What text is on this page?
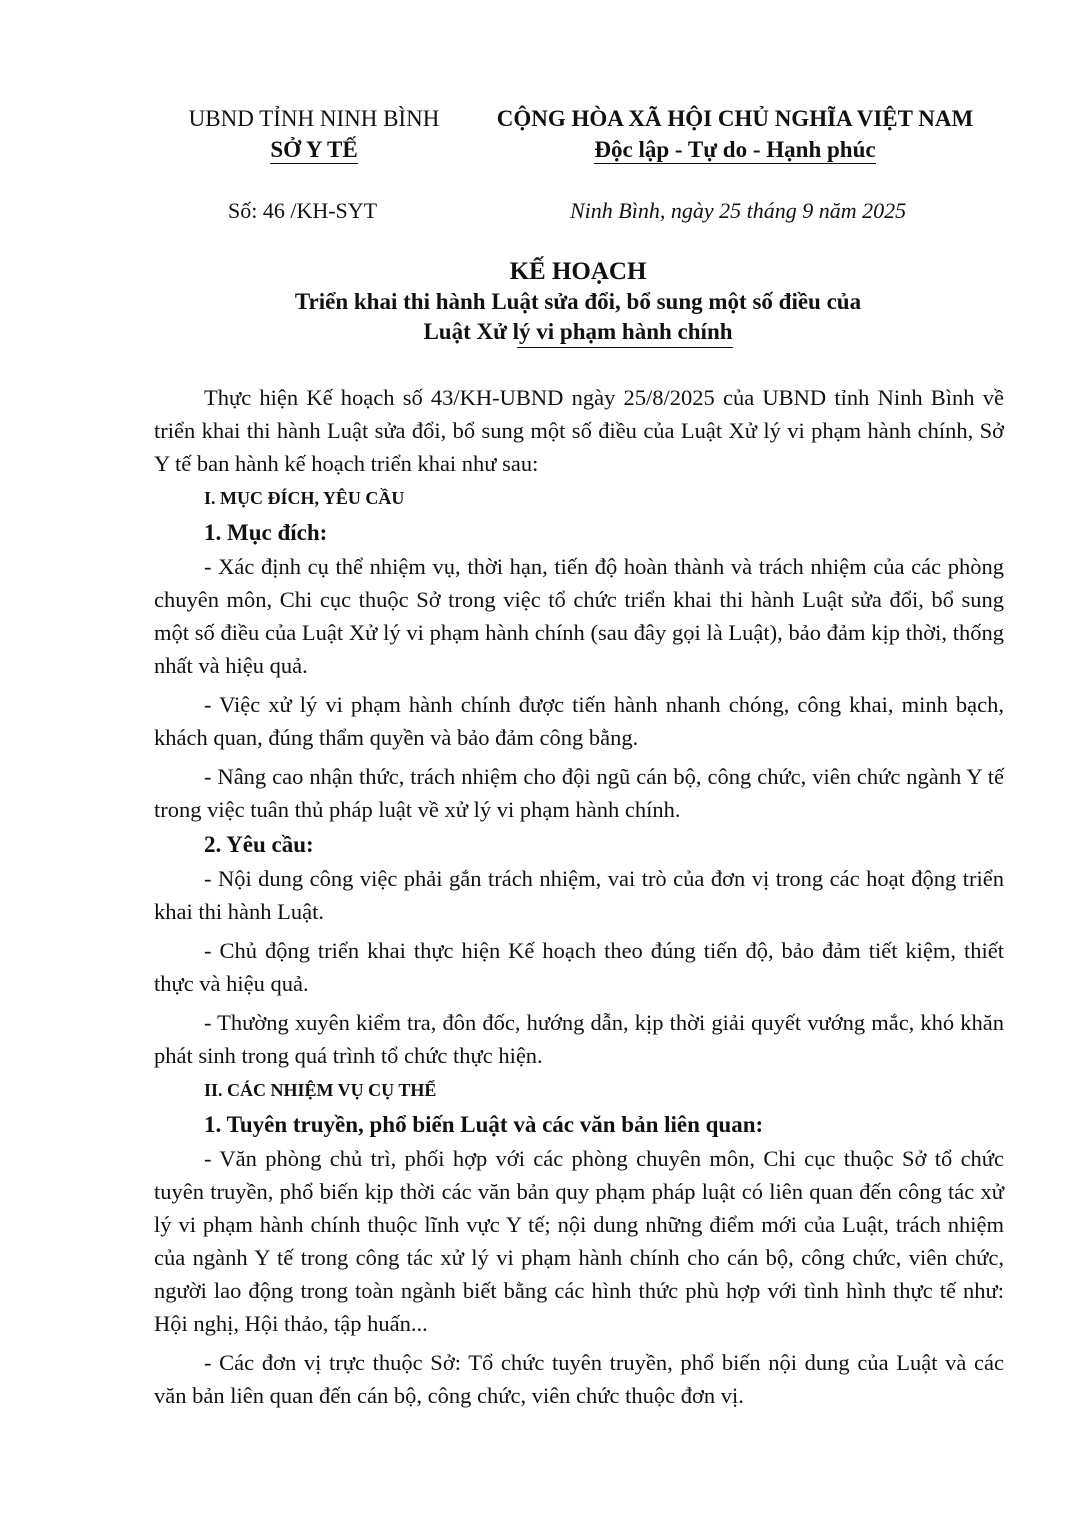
UBND TỈNH NINH BÌNH
SỞ Y TẾ
CỘNG HÒA XÃ HỘI CHỦ NGHĨA VIỆT NAM
Độc lập - Tự do - Hạnh phúc
Số: 46 /KH-SYT	Ninh Bình, ngày 25 tháng 9 năm 2025
KẾ HOẠCH
Triển khai thi hành Luật sửa đổi, bổ sung một số điều của
Luật Xử lý vi phạm hành chính

Thực hiện Kế hoạch số 43/KH-UBND ngày 25/8/2025 của UBND tỉnh Ninh Bình về triển khai thi hành Luật sửa đổi, bổ sung một số điều của Luật Xử lý vi phạm hành chính, Sở Y tế ban hành kế hoạch triển khai như sau:

I. MỤC ĐÍCH, YÊU CẦU
1. Mục đích:

- Xác định cụ thể nhiệm vụ, thời hạn, tiến độ hoàn thành và trách nhiệm của các phòng chuyên môn, Chi cục thuộc Sở trong việc tổ chức triển khai thi hành Luật sửa đổi, bổ sung một số điều của Luật Xử lý vi phạm hành chính (sau đây gọi là Luật), bảo đảm kịp thời, thống nhất và hiệu quả.

- Việc xử lý vi phạm hành chính được tiến hành nhanh chóng, công khai, minh bạch, khách quan, đúng thẩm quyền và bảo đảm công bằng.

- Nâng cao nhận thức, trách nhiệm cho đội ngũ cán bộ, công chức, viên chức ngành Y tế trong việc tuân thủ pháp luật về xử lý vi phạm hành chính.

2. Yêu cầu:

- Nội dung công việc phải gắn trách nhiệm, vai trò của đơn vị trong các hoạt động triển khai thi hành Luật.

- Chủ động triển khai thực hiện Kế hoạch theo đúng tiến độ, bảo đảm tiết kiệm, thiết thực và hiệu quả.

- Thường xuyên kiểm tra, đôn đốc, hướng dẫn, kịp thời giải quyết vướng mắc, khó khăn phát sinh trong quá trình tổ chức thực hiện.

II. CÁC NHIỆM VỤ CỤ THỂ
1. Tuyên truyền, phổ biến Luật và các văn bản liên quan:

- Văn phòng chủ trì, phối hợp với các phòng chuyên môn, Chi cục thuộc Sở tổ chức tuyên truyền, phổ biến kịp thời các văn bản quy phạm pháp luật có liên quan đến công tác xử lý vi phạm hành chính thuộc lĩnh vực Y tế; nội dung những điểm mới của Luật, trách nhiệm của ngành Y tế trong công tác xử lý vi phạm hành chính cho cán bộ, công chức, viên chức, người lao động trong toàn ngành biết bằng các hình thức phù hợp với tình hình thực tế như: Hội nghị, Hội thảo, tập huấn...

- Các đơn vị trực thuộc Sở: Tổ chức tuyên truyền, phổ biến nội dung của Luật và các văn bản liên quan đến cán bộ, công chức, viên chức thuộc đơn vị.
